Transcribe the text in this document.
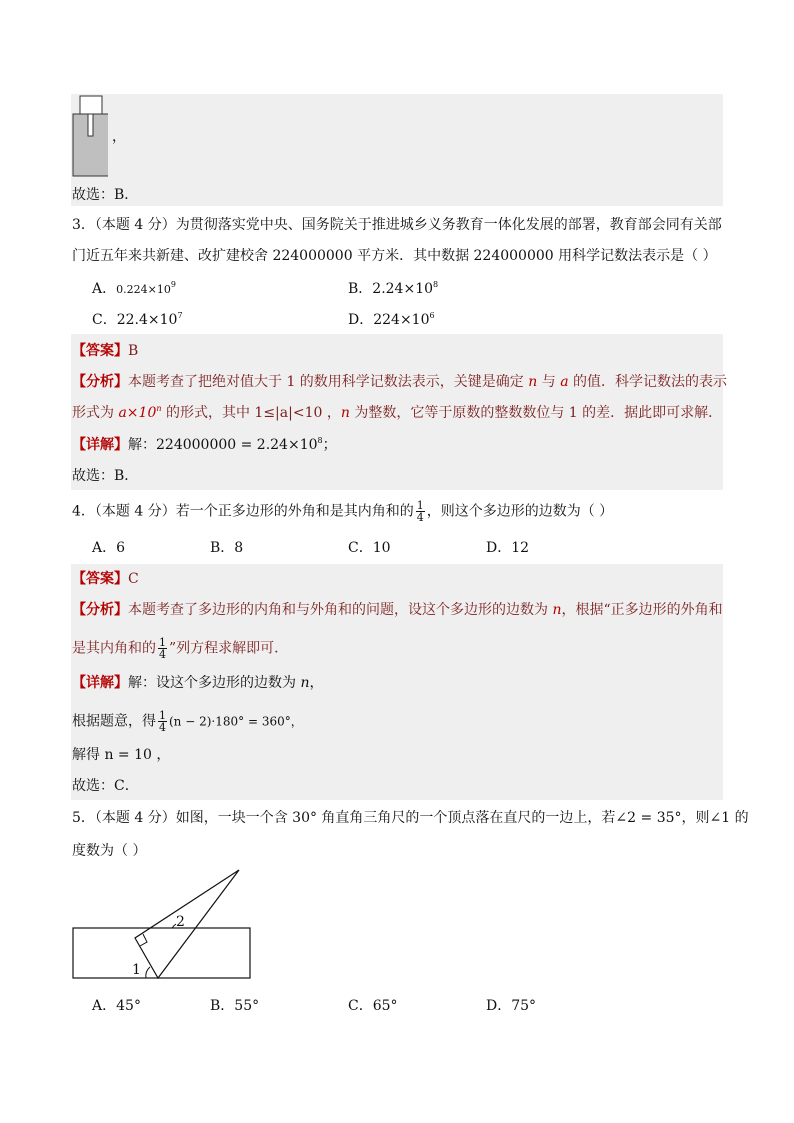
，
故选：B．
3．（本题 4 分）为贯彻落实党中央、国务院关于推进城乡义务教育一体化发展的部署，教育部会同有关部
门近五年来共新建、改扩建校舍 224000000 平方米．其中数据 224000000 用科学记数法表示是（ ）
A．$0.224\times 10^9$	B．$2.24\times 10^8$
C．$22.4\times 10^7$	D．$224\times 10^6$
【答案】B
【分析】本题考查了把绝对值大于 1 的数用科学记数法表示，关键是确定 n 与 a 的值．科学记数法的表示
形式为 $a\times 10^n$ 的形式，其中 1≤|a|<10 ，n 为整数，它等于原数的整数数位与 1 的差．据此即可求解．
【详解】解：$224000000 = 2.24\times 10^8$；
故选：B．
4．（本题 4 分）若一个正多边形的外角和是其内角和的 $\frac{1}{4}$ ，则这个多边形的边数为（ ）
A．6	B．8	C．10	D．12
【答案】C
【分析】本题考查了多边形的内角和与外角和的问题，设这个多边形的边数为 n，根据“正多边形的外角和
是其内角和的 $\frac{1}{4}$ ”列方程求解即可．
【详解】解：设这个多边形的边数为 n，
根据题意，得 $\frac{1}{4} (n - 2)\cdot 180^\circ = 360^\circ$，
解得 n = 10 ，
故选：C．
5．（本题 4 分）如图，一块一个含 30° 角直角三角尺的一个顶点落在直尺的一边上，若∠2 = 35°，则∠1 的
度数为（ ）
1
2
A．45°	B．55°	C．65°	D．75°
